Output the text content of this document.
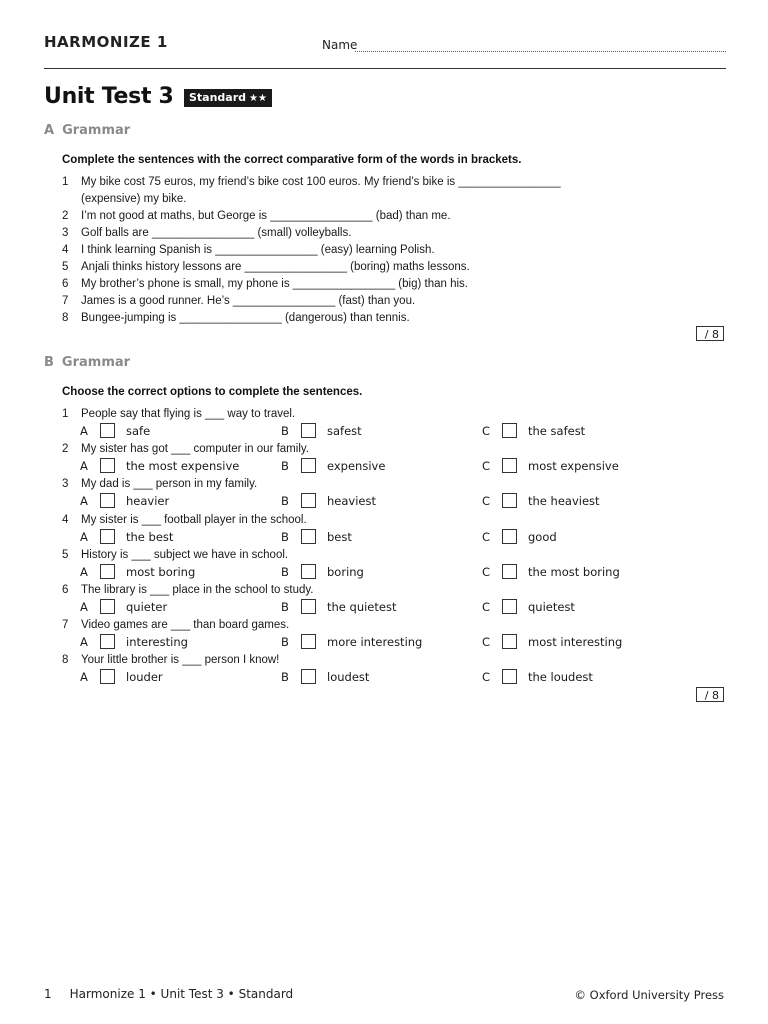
HARMONIZE 1	Name
Unit Test 3	Standard ★★
A Grammar
Complete the sentences with the correct comparative form of the words in brackets.
1	My bike cost 75 euros, my friend’s bike cost 100 euros. My friend’s bike is ________________
(expensive) my bike.
2	I’m not good at maths, but George is ________________ (bad) than me.
3	Golf balls are ________________ (small) volleyballs.
4	I think learning Spanish is ________________ (easy) learning Polish.
5	Anjali thinks history lessons are ________________ (boring) maths lessons.
6	My brother’s phone is small, my phone is ________________ (big) than his.
7	James is a good runner. He’s ________________ (fast) than you.
8	Bungee-jumping is ________________ (dangerous) than tennis.
/ 8
B Grammar
Choose the correct options to complete the sentences.
1	People say that flying is ___ way to travel.
A	safe	B	safest	C	the safest
2	My sister has got ___ computer in our family.
A	the most expensive	B	expensive	C	most expensive
3	My dad is ___ person in my family.
A	heavier	B	heaviest	C	the heaviest
4	My sister is ___ football player in the school.
A	the best	B	best	C	good
5	History is ___ subject we have in school.
A	most boring	B	boring	C	the most boring
6	The library is ___ place in the school to study.
A	quieter	B	the quietest	C	quietest
7	Video games are ___ than board games.
A	interesting	B	more interesting	C	most interesting
8	Your little brother is ___ person I know!
A	louder	B	loudest	C	the loudest
/ 8
1 Harmonize 1 • Unit Test 3 • Standard	© Oxford University Press
